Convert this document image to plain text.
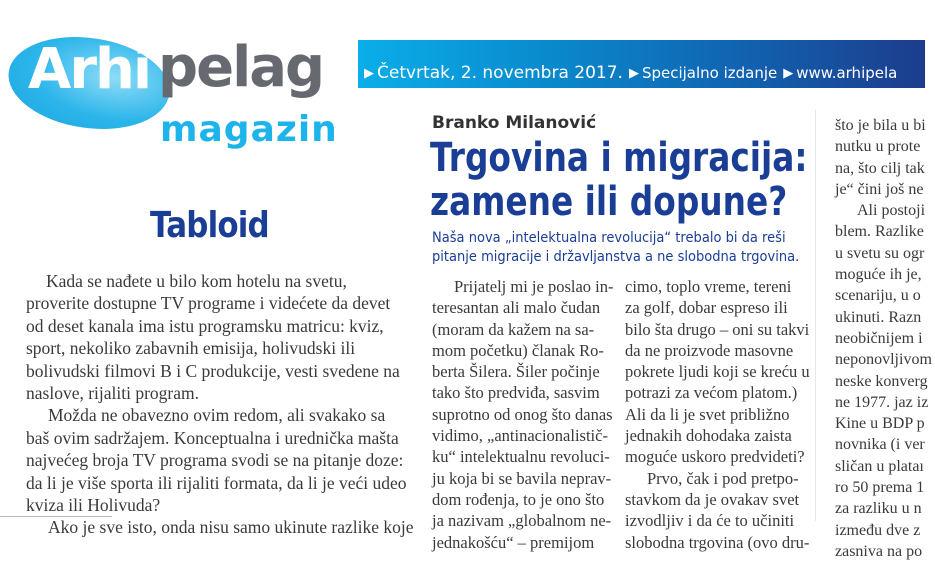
Arhi pelag
magazin
▶ Četvrtak, 2. novembra 2017. ▶ Specijalno izdanje ▶ www.arhipela
Tabloid
Kada se nađete u bilo kom hotelu na svetu,
proverite dostupne TV programe i videćete da devet
od deset kanala ima istu programsku matricu: kviz,
sport, nekoliko zabavnih emisija, holivudski ili
bolivudski filmovi B i C produkcije, vesti svedene na
naslove, rijaliti program.
Možda ne obavezno ovim redom, ali svakako sa
baš ovim sadržajem. Konceptualna i urednička mašta
najvećeg broja TV programa svodi se na pitanje doze:
da li je više sporta ili rijaliti formata, da li je veći udeo
kviza ili Holivuda?
Ako je sve isto, onda nisu samo ukinute razlike koje
Branko Milanović
Trgovina i migracija:
zamene ili dopune?
Naša nova „intelektualna revolucija“ trebalo bi da reši
pitanje migracije i državljanstva a ne slobodna trgovina.
Prijatelj mi je poslao in-
teresantan ali malo čudan
(moram da kažem na sa-
mom početku) članak Ro-
berta Šilera. Šiler počinje
tako što predviđa, sasvim
suprotno od onog što danas
vidimo, „antinacionalistič-
ku“ intelektualnu revoluci-
ju koja bi se bavila neprav-
dom rođenja, to je ono što
ja nazivam „globalnom ne-
jednakošću“ – premijom
cimo, toplo vreme, tereni
za golf, dobar espreso ili
bilo šta drugo – oni su takvi
da ne proizvode masovne
pokrete ljudi koji se kreću u
potrazi za većom platom.)
Ali da li je svet približno
jednakih dohodaka zaista
moguće uskoro predvideti?
Prvo, čak i pod pretpo-
stavkom da je ovakav svet
izvodljiv i da će to učiniti
slobodna trgovina (ovo dru-
što je bila u bi
nutku u prote
na, što cilj tak
je“ čini još ne
Ali postoji
blem. Razlike
u svetu su ogr
moguće ih je,
scenariju, u o
ukinuti. Razn
neobičnijem i
neponovljivom
neske konverg
ne 1977. jaz iz
Kine u BDP p
novnika (i ver
sličan u plataı
ro 50 prema 1
za razliku u n
između dve z
zasniva na po
